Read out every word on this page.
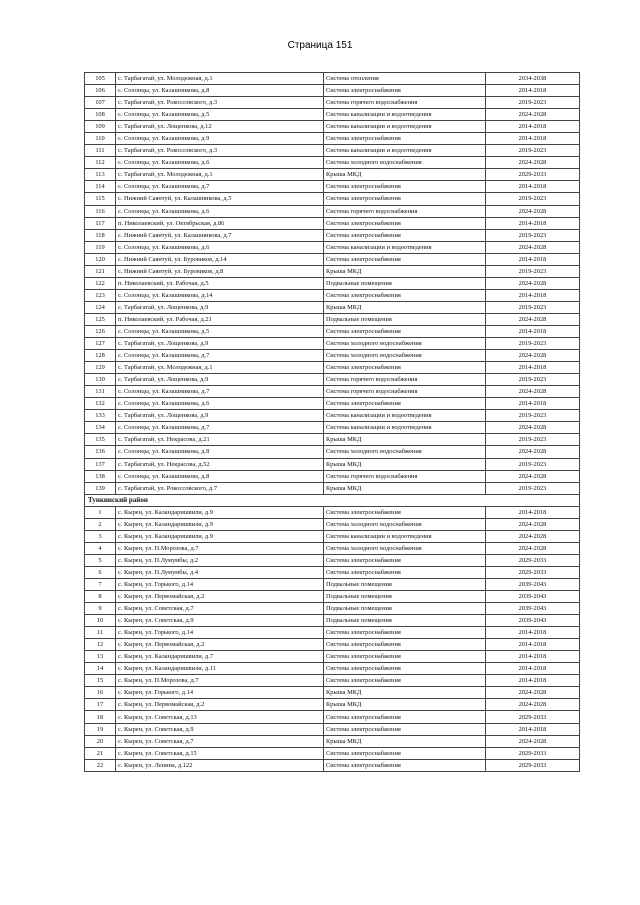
Страница 151
105	с. Тарбагатай, ул. Молодежная, д.1	Система отопления	2034-2038
106	с. Солонцы, ул. Калашникова, д.8	Система электроснабжения	2014-2018
107	с. Тарбагатай, ул. Рокоссовского, д.3	Система горячего водоснабжения	2019-2023
108	с. Солонцы, ул. Калашникова, д.5	Система канализации и водоотведения	2024-2028
109	с. Тарбагатай, ул. Лощенкова, д.12	Система канализации и водоотведения	2014-2018
110	с. Солонцы, ул. Калашникова, д.9	Система электроснабжения	2014-2018
111	с. Тарбагатай, ул. Рокоссовского, д.3	Система канализации и водоотведения	2019-2023
112	с. Солонцы, ул. Калашникова, д.6	Система холодного водоснабжения	2024-2028
113	с. Тарбагатай, ул. Молодежная, д.1	Крыша МКД	2029-2033
114	с. Солонцы, ул. Калашникова, д.7	Система электроснабжения	2014-2018
115	с. Нижний Саянтуй, ул. Калашникова, д.5	Система электроснабжения	2019-2023
116	с. Солонцы, ул. Калашникова, д.6	Система горячего водоснабжения	2024-2028
117	п. Николаевский, ул. Октябрьская, д.86	Система электроснабжения	2014-2018
118	с. Нижний Саянтуй, ул. Калашникова, д.7	Система электроснабжения	2019-2023
119	с. Солонцы, ул. Калашникова, д.6	Система канализации и водоотведения	2024-2028
120	с. Нижний Саянтуй, ул. Буровиков, д.14	Система электроснабжения	2014-2018
121	с. Нижний Саянтуй, ул. Буровиков, д.8	Крыша МКД	2019-2023
122	п. Николаевский, ул. Рабочая, д.5	Подвальные помещения	2024-2028
123	с. Солонцы, ул. Калашникова, д.14	Система электроснабжения	2014-2018
124	с. Тарбагатай, ул. Лощенкова, д.9	Крыша МКД	2019-2023
125	п. Николаевский, ул. Рабочая, д.21	Подвальные помещения	2024-2028
126	с. Солонцы, ул. Калашникова, д.5	Система электроснабжения	2014-2018
127	с. Тарбагатай, ул. Лощенкова, д.9	Система холодного водоснабжения	2019-2023
128	с. Солонцы, ул. Калашникова, д.7	Система холодного водоснабжения	2024-2028
129	с. Тарбагатай, ул. Молодежная, д.1	Система электроснабжения	2014-2018
130	с. Тарбагатай, ул. Лощенкова, д.9	Система горячего водоснабжения	2019-2023
131	с. Солонцы, ул. Калашникова, д.7	Система горячего водоснабжения	2024-2028
132	с. Солонцы, ул. Калашникова, д.6	Система электроснабжения	2014-2018
133	с. Тарбагатай, ул. Лощенкова, д.9	Система канализации и водоотведения	2019-2023
134	с. Солонцы, ул. Калашникова, д.7	Система канализации и водоотведения	2024-2028
135	с. Тарбагатай, ул. Некрасова, д.21	Крыша МКД	2019-2023
136	с. Солонцы, ул. Калашникова, д.8	Система холодного водоснабжения	2024-2028
137	с. Тарбагатай, ул. Некрасова, д.52	Крыша МКД	2019-2023
138	с. Солонцы, ул. Калашникова, д.8	Система горячего водоснабжения	2024-2028
139	с. Тарбагатай, ул. Рокоссовского, д.7	Крыша МКД	2019-2023
Тункинский район			
1	с. Кырен, ул. Каландаришвили, д.9	Система электроснабжения	2014-2018
2	с. Кырен, ул. Каландаришвили, д.9	Система холодного водоснабжения	2024-2028
3	с. Кырен, ул. Каландаришвили, д.9	Система канализации и водоотведения	2024-2028
4	с. Кырен, ул. П.Морозова, д.7	Система холодного водоснабжения	2024-2028
5	с. Кырен, ул. П.Лумумбы, д.2	Система электроснабжения	2029-2033
6	с. Кырен, ул. П.Лумумбы, д.4	Система электроснабжения	2029-2033
7	с. Кырен, ул. Горького, д.14	Подвальные помещения	2039-2043
8	с. Кырен, ул. Первомайская, д.2	Подвальные помещения	2039-2043
9	с. Кырен, ул. Советская, д.7	Подвальные помещения	2039-2043
10	с. Кырен, ул. Советская, д.9	Подвальные помещения	2039-2043
11	с. Кырен, ул. Горького, д.14	Система электроснабжения	2014-2018
12	с. Кырен, ул. Первомайская, д.2	Система электроснабжения	2014-2018
13	с. Кырен, ул. Каландаришвили, д.7	Система электроснабжения	2014-2018
14	с. Кырен, ул. Каландаришвили, д.11	Система электроснабжения	2014-2018
15	с. Кырен, ул. П.Морозова, д.7	Система электроснабжения	2014-2018
16	с. Кырен, ул. Горького, д.14	Крыша МКД	2024-2028
17	с. Кырен, ул. Первомайская, д.2	Крыша МКД	2024-2028
18	с. Кырен, ул. Советская, д.13	Система электроснабжения	2029-2033
19	с. Кырен, ул. Советская, д.9	Система электроснабжения	2014-2018
20	с. Кырен, ул. Советская, д.7	Крыша МКД	2024-2028
21	с. Кырен, ул. Советская, д.15	Система электроснабжения	2029-2033
22	с. Кырен, ул. Ленина, д.122	Система электроснабжения	2029-2033
